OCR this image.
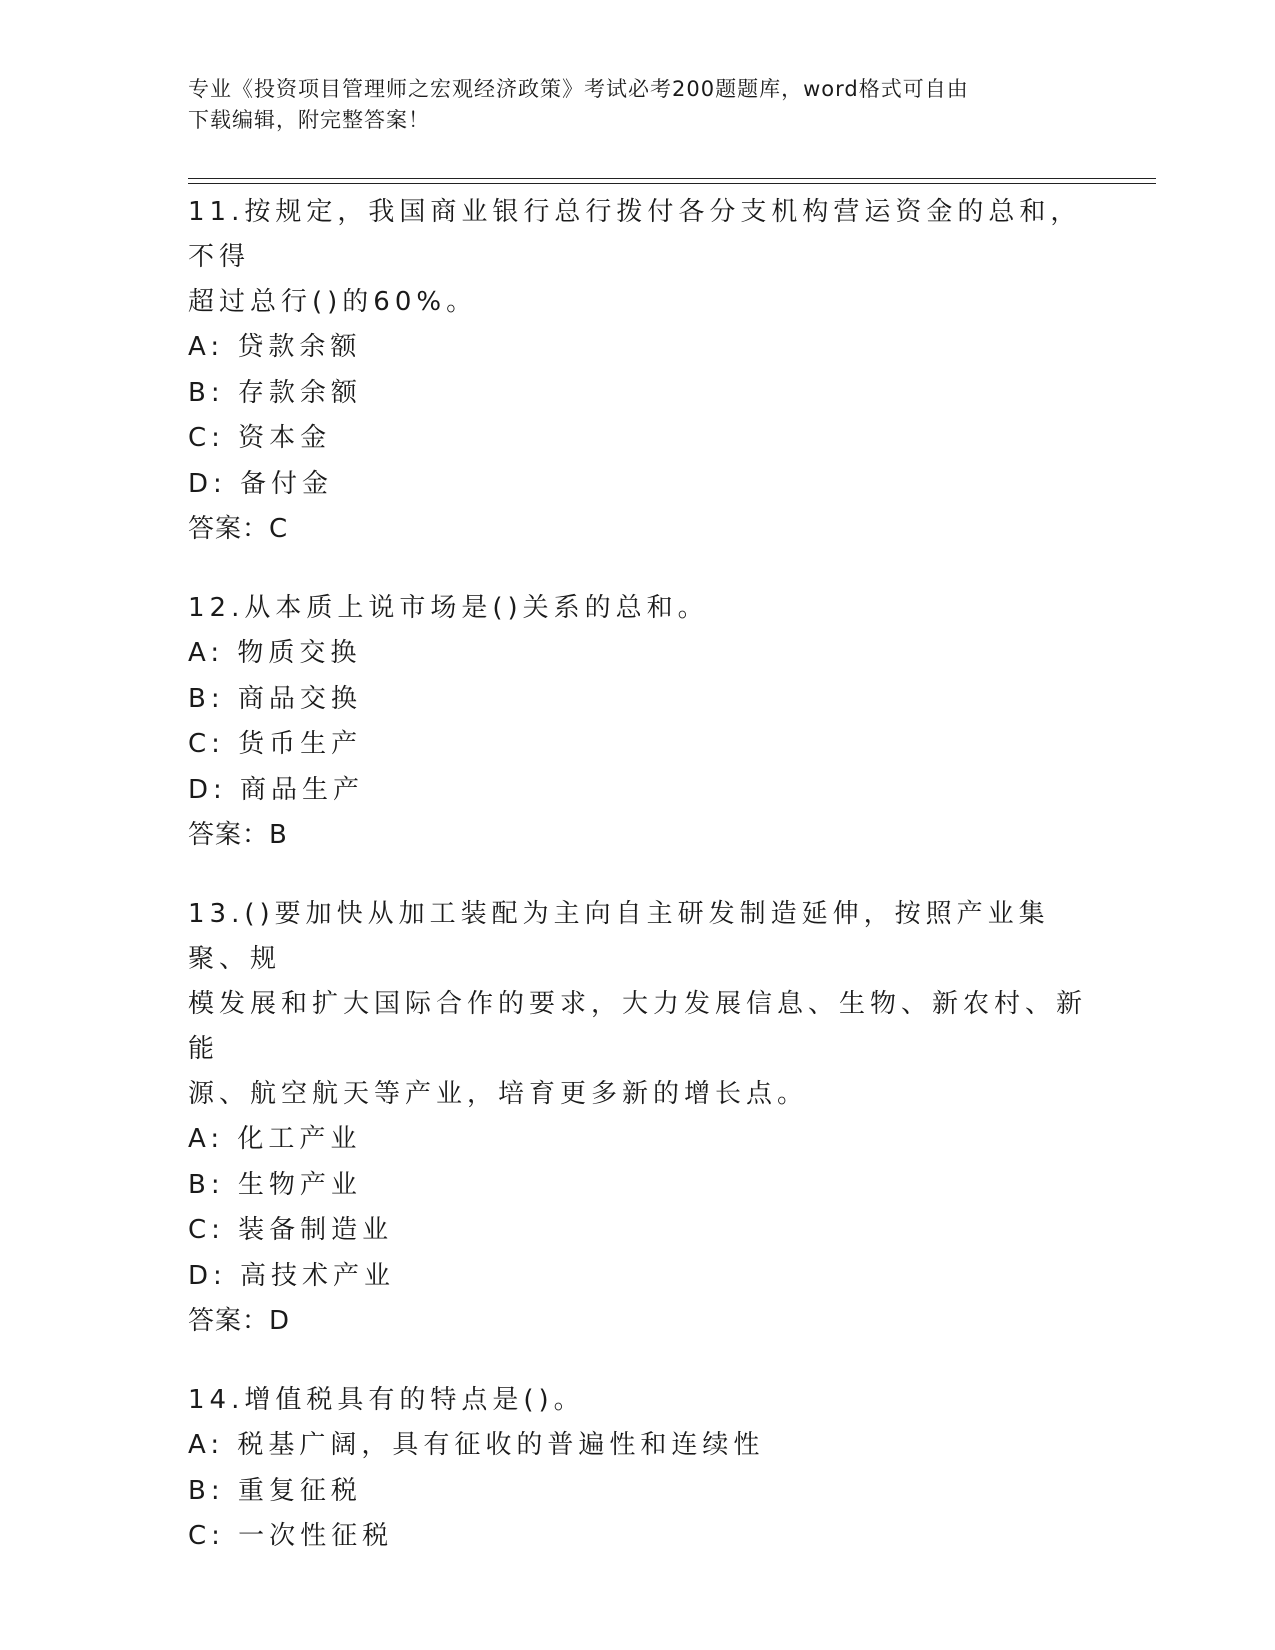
专业《投资项目管理师之宏观经济政策》考试必考200题题库，word格式可自由
下载编辑，附完整答案！
11.按规定，我国商业银行总行拨付各分支机构营运资金的总和，不得
超过总行()的60%。
A: 贷款余额
B: 存款余额
C: 资本金
D: 备付金
答案：C
12.从本质上说市场是()关系的总和。
A: 物质交换
B: 商品交换
C: 货币生产
D: 商品生产
答案：B
13.()要加快从加工装配为主向自主研发制造延伸，按照产业集聚、规
模发展和扩大国际合作的要求，大力发展信息、生物、新农村、新能
源、航空航天等产业，培育更多新的增长点。
A: 化工产业
B: 生物产业
C: 装备制造业
D: 高技术产业
答案：D
14.增值税具有的特点是()。
A: 税基广阔，具有征收的普遍性和连续性
B: 重复征税
C: 一次性征税
